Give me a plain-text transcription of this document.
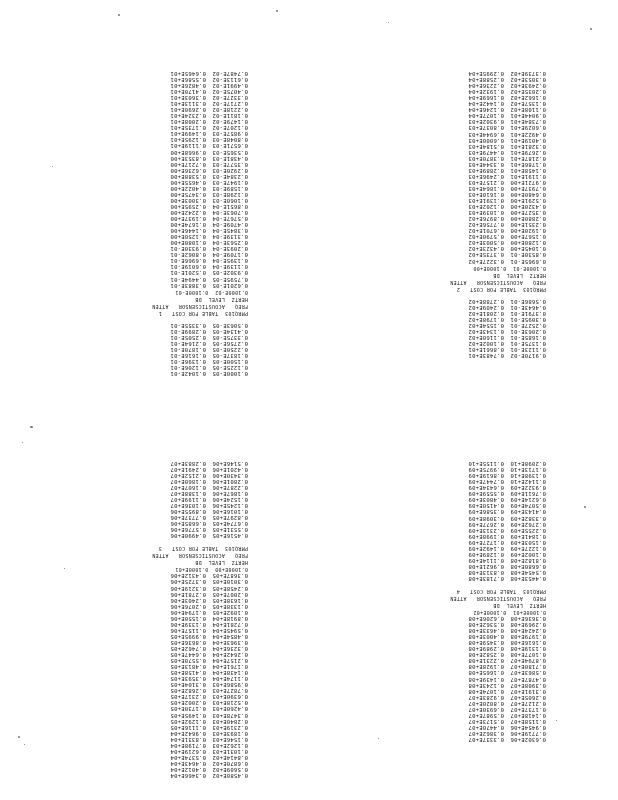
0.1000E-05
0.1042E-01
0.1225E-05
0.1206E-01
0.1500E-05
0.1396E-01
0.1837E-05
0.1616E-01
0.2250E-05
0.1870E-01
0.2756E-05
0.2164E-01
0.3375E-05
0.2505E-01
0.4134E-05
0.2899E-01
0.5063E-05
0.3355E-01
PMRQ103  TABLE FOR COST   1
FREQ   ACOUSTICSENSOR   ATTEN
HERTZ  LEVEL  DB
0.1000E-02  0.1000E-01
0.6201E-05
0.3883E-01
0.7595E-05
0.4494E-01
0.9302E-05
0.5201E-01
0.1139E-04
0.6019E-01
0.1395E-04
0.6966E-01
0.1709E-04
0.8062E-01
0.2093E-04
0.9330E-01
0.2563E-04
0.1080E+00
0.3139E-04
0.1250E+00
0.3845E-04
0.1446E+00
0.4709E-04
0.1674E+00
0.5767E-04
0.1937E+00
0.7063E-04
0.2242E+00
0.8651E-04
0.2595E+00
0.1060E-03
0.3003E+00
0.1298E-03
0.3475E+00
0.1589E-03
0.4022E+00
0.1947E-03
0.4655E+00
0.2384E-03
0.5388E+00
0.2920E-03
0.6236E+00
0.3577E-03
0.7217E+00
0.4381E-03
0.8353E+00
0.5365E-03
0.9668E+00
0.6571E-03
0.1119E+01
0.8048E-03
0.1295E+01
0.9857E-03
0.1499E+01
0.1207E-02
0.1735E+01
0.1479E-02
0.2008E+01
0.1811E-02
0.2324E+01
0.2218E-02
0.2690E+01
0.2717E-02
0.3113E+01
0.3327E-02
0.3603E+01
0.4075E-02
0.4170E+01
0.4991E-02
0.4826E+01
0.6113E-02
0.5586E+01
0.7487E-02
0.6465E+01
0.9170E-02
0.7483E+01
0.1123E-01
0.8661E+01
0.1375E-01
0.1002E+02
0.1685E-01
0.1160E+02
0.2063E-01
0.1343E+02
0.2527E-01
0.1554E+02
0.3095E-01
0.1798E+02
0.3791E-01
0.2081E+02
0.4643E-01
0.2409E+02
0.5686E-01
0.2788E+02
PMRQ103  TABLE FOR COST   2
FREQ   ACOUSTICSENSOR   ATTEN
HERTZ  LEVEL  DB
0.1000E-01  0.1000E+00
0.6965E-01
0.3227E+02
0.8530E-01
0.3735E+02
0.1045E+00
0.4323E+02
0.1280E+00
0.5003E+02
0.1567E+00
0.5790E+02
0.1920E+00
0.6701E+02
0.2351E+00
0.7756E+02
0.2880E+00
0.8976E+02
0.3527E+00
0.1039E+03
0.4320E+00
0.1202E+03
0.5291E+00
0.1391E+03
0.6480E+00
0.1610E+03
0.7937E+00
0.1864E+03
0.9721E+00
0.2157E+03
0.1191E+01
0.2496E+03
0.1458E+01
0.2889E+03
0.1786E+01
0.3344E+03
0.2187E+01
0.3870E+03
0.2679E+01
0.4479E+03
0.3281E+01
0.5184E+03
0.4019E+01
0.6000E+03
0.4922E+01
0.6944E+03
0.6029E+01
0.8037E+03
0.7384E+01
0.9302E+03
0.9044E+01
0.1077E+04
0.1108E+02
0.1246E+04
0.1357E+02
0.1442E+04
0.1662E+02
0.1669E+04
0.2035E+02
0.1932E+04
0.2493E+02
0.2236E+04
0.3053E+02
0.2588E+04
0.3739E+02
0.2995E+04
0.4580E+02
0.3466E+04
0.5609E+02
0.4012E+04
0.6870E+02
0.4643E+04
0.8414E+02
0.5374E+04
0.1031E+03
0.6219E+04
0.1262E+03
0.7198E+04
0.1546E+03
0.8331E+04
0.1893E+03
0.9642E+04
0.2319E+03
0.1116E+05
0.2840E+03
0.1292E+05
0.3478E+03
0.1495E+05
0.4260E+03
0.1730E+05
0.5218E+03
0.2002E+05
0.6390E+03
0.2317E+05
0.7827E+03
0.2682E+05
0.9586E+03
0.3104E+05
0.1174E+04
0.3593E+05
0.1438E+04
0.4158E+05
0.1761E+04
0.4813E+05
0.2157E+04
0.5570E+05
0.2642E+04
0.6447E+05
0.3236E+04
0.7462E+05
0.3963E+04
0.8636E+05
0.4854E+04
0.9995E+05
0.5945E+04
0.1157E+06
0.7281E+04
0.1339E+06
0.8918E+04
0.1550E+06
0.1092E+05
0.1794E+06
0.1338E+05
0.2076E+06
0.1638E+05
0.2403E+06
0.2007E+05
0.2781E+06
0.2458E+05
0.3219E+06
0.3010E+05
0.3725E+06
0.3687E+05
0.4312E+06
0.1000E+00  0.1000E+01
HERTZ  LEVEL  DB
FREQ   ACOUSTICSENSOR   ATTEN
PMRQ103  TABLE FOR COST   3
0.4516E+05
0.4990E+06
0.5531E+05
0.5776E+06
0.6774E+05
0.6685E+06
0.8297E+05
0.7737E+06
0.1016E+06
0.8955E+06
0.1245E+06
0.1036E+07
0.1524E+06
0.1199E+07
0.1867E+06
0.1388E+07
0.2287E+06
0.1607E+07
0.2801E+06
0.1860E+07
0.3430E+06
0.2152E+07
0.4201E+06
0.2491E+07
0.5146E+06
0.2883E+07
0.6302E+06
0.3337E+07
0.7719E+06
0.3862E+07
0.9454E+06
0.4470E+07
0.1158E+07
0.5173E+07
0.1418E+07
0.5987E+07
0.1737E+07
0.6930E+07
0.2127E+07
0.8020E+07
0.2605E+07
0.9283E+07
0.3191E+07
0.1074E+08
0.3908E+07
0.1243E+08
0.4787E+07
0.1439E+08
0.5863E+07
0.1665E+08
0.7180E+07
0.1928E+08
0.8794E+07
0.2231E+08
0.1077E+08
0.2582E+08
0.1319E+08
0.2989E+08
0.1616E+08
0.3459E+08
0.1979E+08
0.4003E+08
0.2424E+08
0.4633E+08
0.2969E+08
0.5362E+08
0.3636E+08
0.6206E+08
0.1000E+01  0.1000E+02
HERTZ  LEVEL  DB
FREQ   ACOUSTICSENSOR   ATTEN
PMRQ103  TABLE FOR COST   4
0.4453E+08
0.7183E+08
0.5454E+08
0.8313E+08
0.6680E+08
0.9621E+08
0.8182E+08
0.1114E+09
0.1002E+09
0.1289E+09
0.1227E+09
0.1492E+09
0.1503E+09
0.1727E+09
0.1841E+09
0.1998E+09
0.2255E+09
0.2313E+09
0.2762E+09
0.2677E+09
0.3382E+09
0.3098E+09
0.4143E+09
0.3586E+09
0.5074E+09
0.4150E+09
0.6214E+09
0.4803E+09
0.7611E+09
0.5559E+09
0.9322E+09
0.6434E+09
0.1142E+10
0.7447E+09
0.1398E+10
0.8619E+09
0.1713E+10
0.9975E+09
0.2098E+10
0.1155E+10
